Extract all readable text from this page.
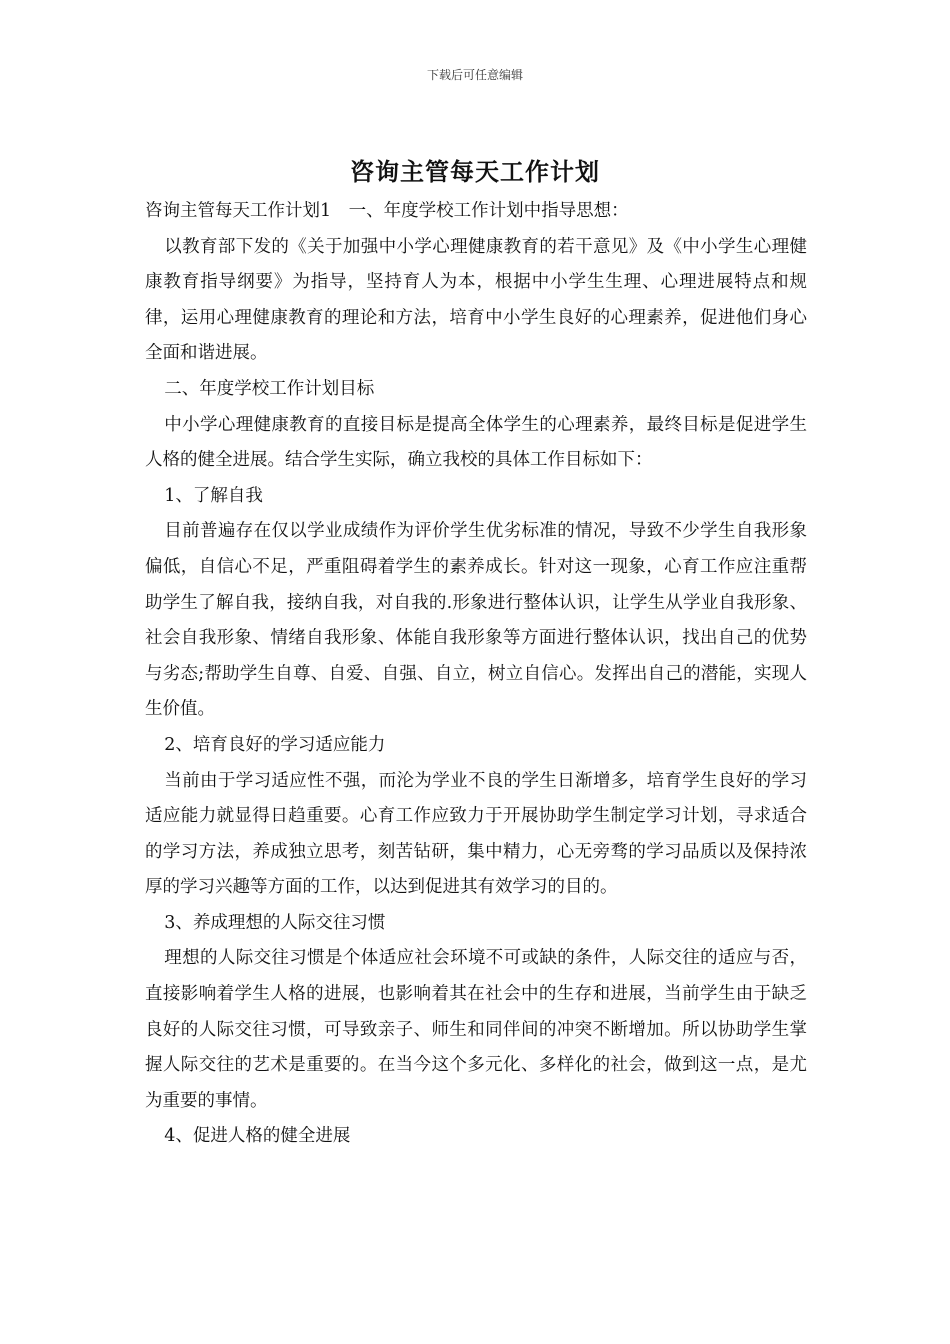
下载后可任意编辑
咨询主管每天工作计划

咨询主管每天工作计划1　一、年度学校工作计划中指导思想：

以教育部下发的《关于加强中小学心理健康教育的若干意见》及《中小学生心理健康教育指导纲要》为指导，坚持育人为本，根据中小学生生理、心理进展特点和规律，运用心理健康教育的理论和方法，培育中小学生良好的心理素养，促进他们身心全面和谐进展。

二、年度学校工作计划目标

中小学心理健康教育的直接目标是提高全体学生的心理素养，最终目标是促进学生人格的健全进展。结合学生实际，确立我校的具体工作目标如下：

1、了解自我

目前普遍存在仅以学业成绩作为评价学生优劣标准的情况，导致不少学生自我形象偏低，自信心不足，严重阻碍着学生的素养成长。针对这一现象，心育工作应注重帮助学生了解自我，接纳自我，对自我的.形象进行整体认识，让学生从学业自我形象、社会自我形象、情绪自我形象、体能自我形象等方面进行整体认识，找出自己的优势与劣态;帮助学生自尊、自爱、自强、自立，树立自信心。发挥出自己的潜能，实现人生价值。

2、培育良好的学习适应能力

当前由于学习适应性不强，而沦为学业不良的学生日渐增多，培育学生良好的学习适应能力就显得日趋重要。心育工作应致力于开展协助学生制定学习计划，寻求适合的学习方法，养成独立思考，刻苦钻研，集中精力，心无旁骛的学习品质以及保持浓厚的学习兴趣等方面的工作，以达到促进其有效学习的目的。

3、养成理想的人际交往习惯

理想的人际交往习惯是个体适应社会环境不可或缺的条件，人际交往的适应与否，直接影响着学生人格的进展，也影响着其在社会中的生存和进展，当前学生由于缺乏良好的人际交往习惯，可导致亲子、师生和同伴间的冲突不断增加。所以协助学生掌握人际交往的艺术是重要的。在当今这个多元化、多样化的社会，做到这一点，是尤为重要的事情。

4、促进人格的健全进展
